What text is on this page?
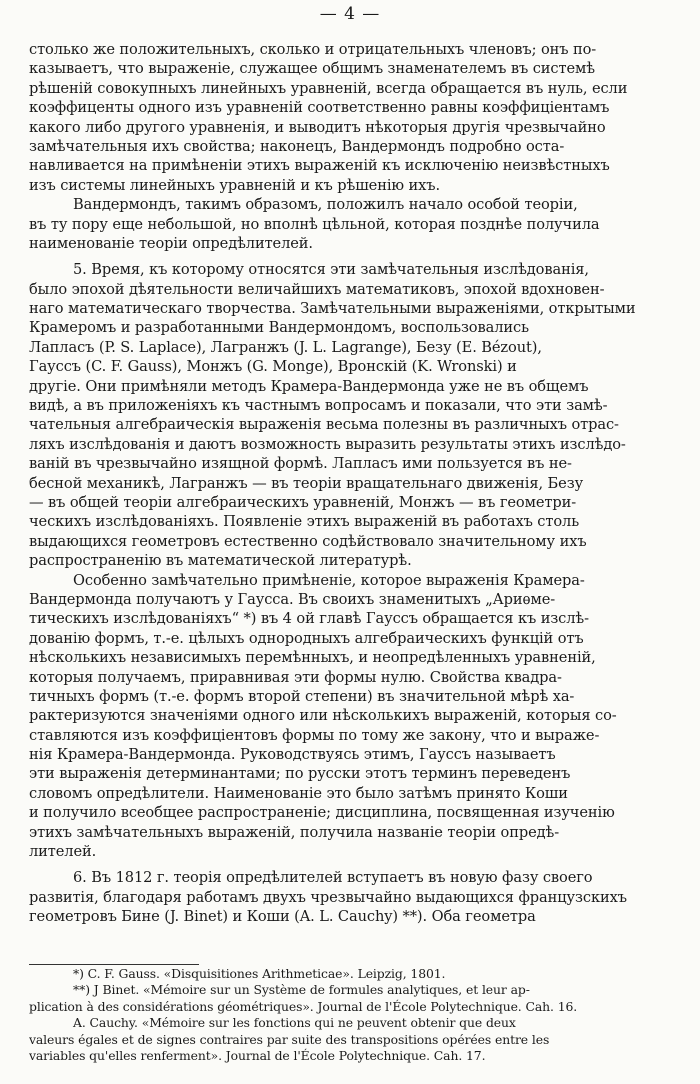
— 4 —
столько же положительныхъ, сколько и отрицательныхъ членовъ; онъ по-
казываетъ, что выраженіе, служащее общимъ знаменателемъ въ системѣ
рѣшеній совокупныхъ линейныхъ уравненій, всегда обращается въ нуль, если
коэффиценты одного изъ уравненій соответственно равны коэффиціентамъ
какого либо другого уравненія, и выводитъ нѣкоторыя другія чрезвычайно
замѣчательныя ихъ свойства; наконецъ, Вандермондъ подробно оста-
навливается на примѣненіи этихъ выраженій къ исключенію неизвѣстныхъ
изъ системы линейныхъ уравненій и къ рѣшенію ихъ.
Вандермондъ, такимъ образомъ, положилъ начало особой теоріи,
въ ту пору еще небольшой, но вполнѣ цѣльной, которая позднѣе получила
наименованіе теоріи опредѣлителей.
5. Время, къ которому относятся эти замѣчательныя изслѣдованія,
было эпохой дѣятельности величайшихъ математиковъ, эпохой вдохновен-
наго математическаго творчества. Замѣчательными выраженіями, открытыми
Крамеромъ и разработанными Вандермондомъ, воспользовались
Лапласъ (P. S. Laplace), Лагранжъ (J. L. Lagrange), Безу (E. Bézout),
Гауссъ (C. F. Gauss), Монжъ (G. Monge), Вронскій (K. Wronski) и
другіе. Они примѣняли методъ Крамера-Вандермонда уже не въ общемъ
видѣ, а въ приложеніяхъ къ частнымъ вопросамъ и показали, что эти замѣ-
чательныя алгебраическія выраженія весьма полезны въ различныхъ отрас-
ляхъ изслѣдованія и даютъ возможность выразить результаты этихъ изслѣдо-
ваній въ чрезвычайно изящной формѣ. Лапласъ ими пользуется въ не-
бесной механикѣ, Лагранжъ — въ теоріи вращательнаго движенія, Безу
— въ общей теоріи алгебраическихъ уравненій, Монжъ — въ геометри-
ческихъ изслѣдованіяхъ. Появленіе этихъ выраженій въ работахъ столь
выдающихся геометровъ естественно содѣйствовало значительному ихъ
распространенію въ математической литературѣ.
Особенно замѣчательно примѣненіе, которое выраженія Крамера-
Вандермонда получаютъ у Гаусса. Въ своихъ знаменитыхъ „Ариѳме-
тическихъ изслѣдованіяхъ“ *) въ 4 ой главѣ Гауссъ обращается къ изслѣ-
дованію формъ, т.-е. цѣлыхъ однородныхъ алгебраическихъ функцій отъ
нѣсколькихъ независимыхъ перемѣнныхъ, и неопредѣленныхъ уравненій,
которыя получаемъ, приравнивая эти формы нулю. Свойства квадра-
тичныхъ формъ (т.-е. формъ второй степени) въ значительной мѣрѣ ха-
рактеризуются значеніями одного или нѣсколькихъ выраженій, которыя со-
ставляются изъ коэффиціентовъ формы по тому же закону, что и выраже-
нія Крамера-Вандермонда. Руководствуясь этимъ, Гауссъ называетъ
эти выраженія детерминантами; по русски этотъ терминъ переведенъ
словомъ опредѣлители. Наименованіе это было затѣмъ принято Коши
и получило всеобщее распространеніе; дисциплина, посвященная изученію
этихъ замѣчательныхъ выраженій, получила названіе теоріи опредѣ-
лителей.
6. Въ 1812 г. теорія опредѣлителей вступаетъ въ новую фазу своего
развитія, благодаря работамъ двухъ чрезвычайно выдающихся французскихъ
геометровъ Бине (J. Binet) и Коши (A. L. Cauchy) **). Оба геометра
*) C. F. Gauss. «Disquisitiones Arithmeticae». Leipzig, 1801.
**) J Binet. «Mémoire sur un Système de formules analytiques, et leur ap-
plication à des considérations géométriques». Journal de l'École Polytechnique. Cah. 16.
A. Cauchy. «Mémoire sur les fonctions qui ne peuvent obtenir que deux
valeurs égales et de signes contraires par suite des transpositions opérées entre les
variables qu'elles renferment». Journal de l'École Polytechnique. Cah. 17.
